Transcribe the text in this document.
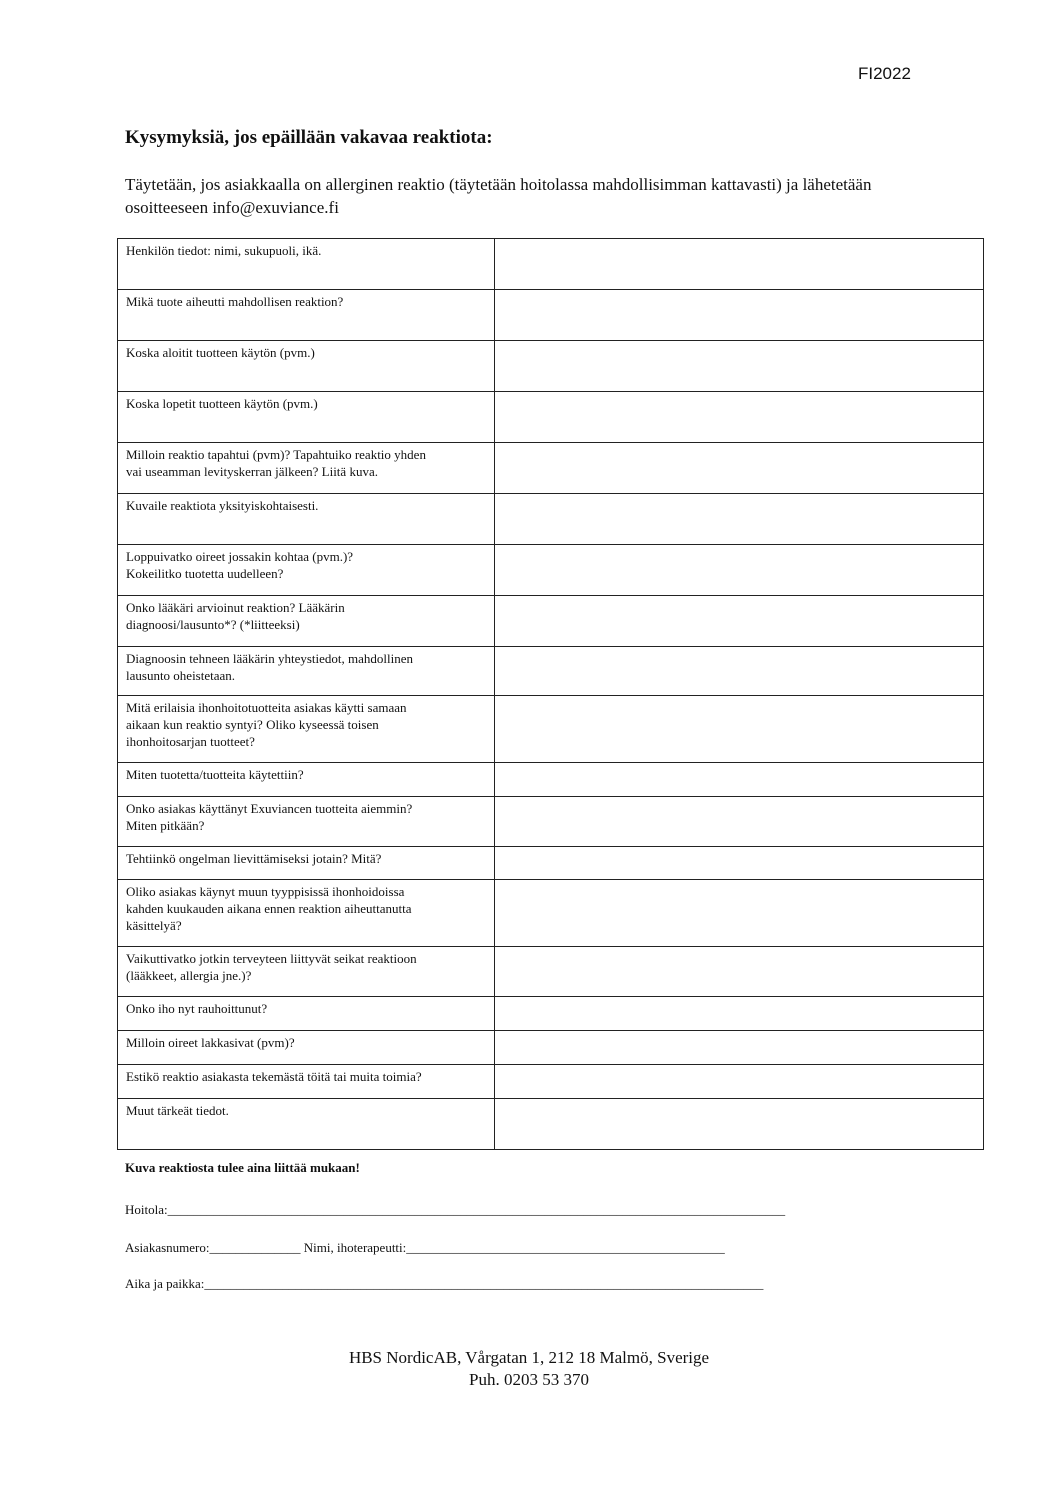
FI2022
Kysymyksiä, jos epäillään vakavaa reaktiota:

Täytetään, jos asiakkaalla on allerginen reaktio (täytetään hoitolassa mahdollisimman kattavasti) ja lähetetään
osoitteeseen info@exuviance.fi

Henkilön tiedot: nimi, sukupuoli, ikä.	

Mikä tuote aiheutti mahdollisen reaktion?	

Koska aloitit tuotteen käytön (pvm.)	

Koska lopetit tuotteen käytön (pvm.)	

Milloin reaktio tapahtui (pvm)? Tapahtuiko reaktio yhden
vai useamman levityskerran jälkeen? Liitä kuva.	

Kuvaile reaktiota yksityiskohtaisesti.	

Loppuivatko oireet jossakin kohtaa (pvm.)?
Kokeilitko tuotetta uudelleen?	

Onko lääkäri arvioinut reaktion? Lääkärin
diagnoosi/lausunto*? (*liitteeksi)	

Diagnoosin tehneen lääkärin yhteystiedot, mahdollinen
lausunto oheistetaan.	

Mitä erilaisia ihonhoitotuotteita asiakas käytti samaan
aikaan kun reaktio syntyi? Oliko kyseessä toisen
ihonhoitosarjan tuotteet?	

Miten tuotetta/tuotteita käytettiin?	

Onko asiakas käyttänyt Exuviancen tuotteita aiemmin?
Miten pitkään?	

Tehtiinkö ongelman lievittämiseksi jotain? Mitä?	

Oliko asiakas käynyt muun tyyppisissä ihonhoidoissa
kahden kuukauden aikana ennen reaktion aiheuttanutta
käsittelyä?	

Vaikuttivatko jotkin terveyteen liittyvät seikat reaktioon
(lääkkeet, allergia jne.)?	

Onko iho nyt rauhoittunut?	

Milloin oireet lakkasivat (pvm)?	

Estikö reaktio asiakasta tekemästä töitä tai muita toimia?	

Muut tärkeät tiedot.	

Kuva reaktiosta tulee aina liittää mukaan!

Hoitola:_______________________________________________________________________________________________
Asiakasnumero:______________ Nimi, ihoterapeutti:_________________________________________________
Aika ja paikka:______________________________________________________________________________________
HBS NordicAB, Vårgatan 1, 212 18 Malmö, Sverige
Puh. 0203 53 370
